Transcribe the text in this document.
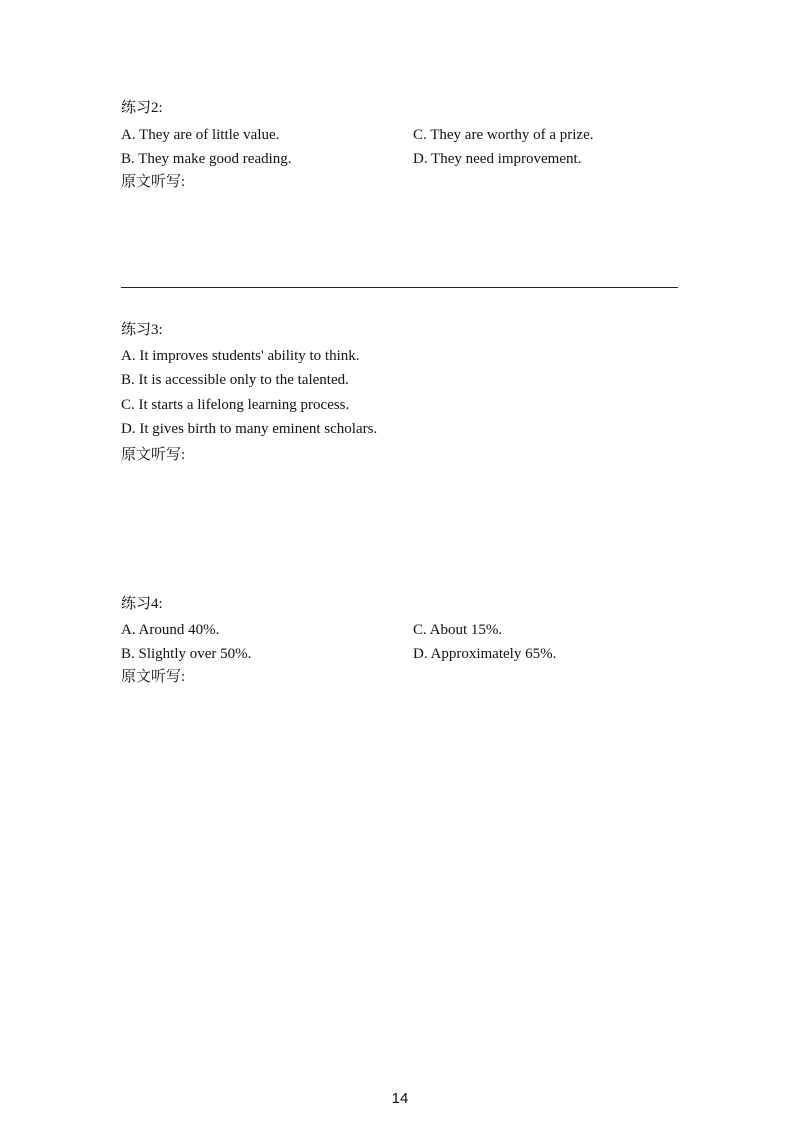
练习2:
A. They are of little value.	C. They are worthy of a prize.
B. They make good reading.	D. They need improvement.
原文听写:
练习3:
A. It improves students' ability to think.
B. It is accessible only to the talented.
C. It starts a lifelong learning process.
D. It gives birth to many eminent scholars.
原文听写:
练习4:
A. Around 40%.	C. About 15%.
B. Slightly over 50%.	D. Approximately 65%.
原文听写:
14
